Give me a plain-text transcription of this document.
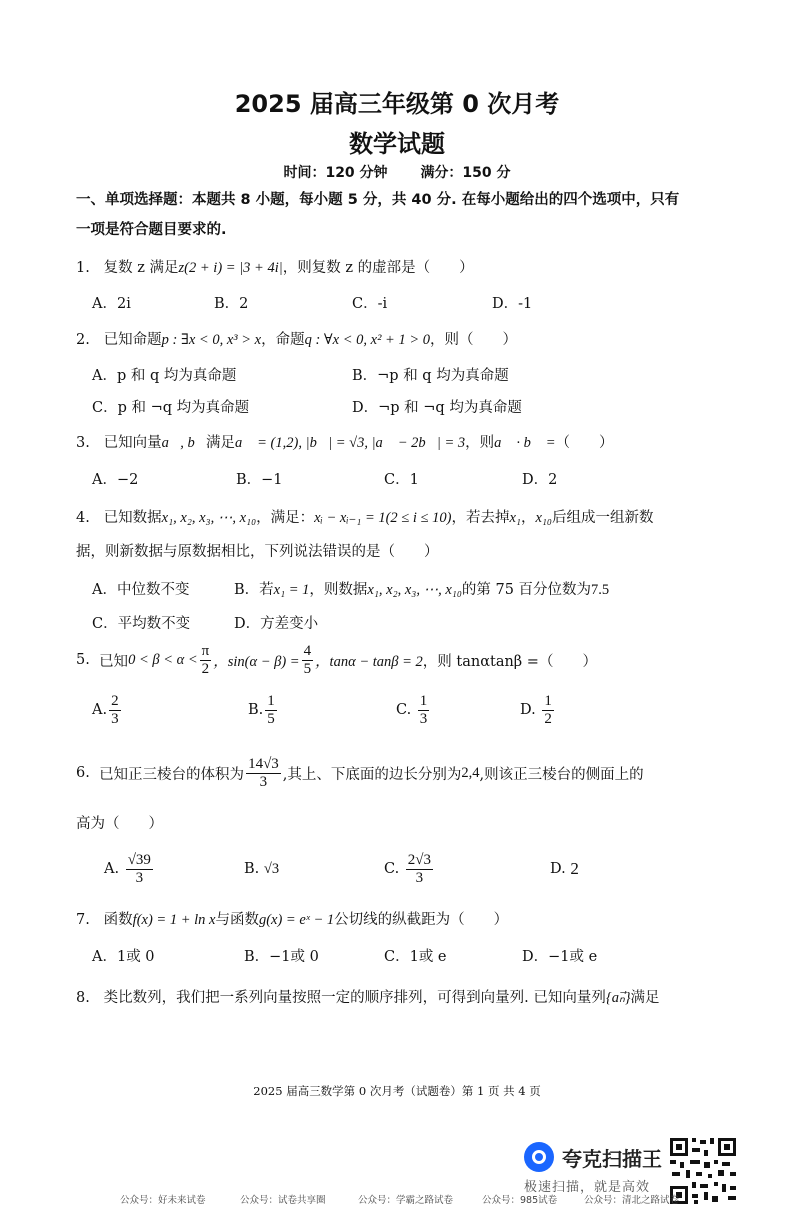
2025 届高三年级第 0 次月考
数学试题
时间：120 分钟 满分：150 分
一、单项选择题：本题共 8 小题，每小题 5 分，共 40 分. 在每小题给出的四个选项中，只有
一项是符合题目要求的.
1. 复数 z 满足z(2 + i) = |3 + 4i|，则复数 z 的虚部是（　　）
A．2i	B．2	C．-i	D．-1
2. 已知命题p : ∃x < 0, x³ > x，命题q : ∀x < 0, x² + 1 > 0，则（　　）
A．p 和 q 均为真命题	B．¬p 和 q 均为真命题
C．p 和 ¬q 均为真命题	D．¬p 和 ¬q 均为真命题
3. 已知向量a⃗, b⃗满足a⃗ = (1,2), |b⃗| = √3, |a⃗ − 2b⃗| = 3，则a⃗ · b⃗ =（　　）
A．−2	B．−1	C．1	D．2
4. 已知数据x₁, x₂, x₃, ⋯, x₁₀，满足：xᵢ − xᵢ₋₁ = 1(2 ≤ i ≤ 10)，若去掉x₁，x₁₀后组成一组新数
据，则新数据与原数据相比，下列说法错误的是（　　）
A．中位数不变	B．若x₁ = 1，则数据x₁, x₂, x₃, ⋯, x₁₀的第 75 百分位数为7.5
C．平均数不变	D．方差变小
5.
已知 $0 < \beta < \alpha < \frac{\pi}{2}$ ，$\sin(\alpha - \beta) = \frac{4}{5}$ ，tanα − tanβ = 2 ，则 tanαtanβ =（　　）
A. $\frac{2}{3}$	B. $\frac{1}{5}$	C.
$\frac{1}{3}$	D.
$\frac{1}{2}$
6.
已知正三棱台的体积为 $\frac{14√3}{3}$ ,其上、下底面的边长分别为 2,4 ,则该正三棱台的侧面上的
高为（　　）
A.
$\frac{√39}{3}$	B.
√3	C.
$\frac{2√3}{3}$	D.
2
7. 函数f(x) = 1 + ln x与函数g(x) = eˣ − 1公切线的纵截距为（　　）
A．1或 0	B．−1或 0	C．1或 e	D．−1或 e
8. 类比数列，我们把一系列向量按照一定的顺序排列，可得到向量列. 已知向量列{aₙ⃗}满足
2025 届高三数学第 0 次月考（试题卷）第 1 页 共 4 页
夸克扫描王
极速扫描，就是高效
公众号：好未来试卷	公众号：试卷共享圈	公众号：学霸之路试卷	公众号：985试卷	公众号：清北之路试卷
